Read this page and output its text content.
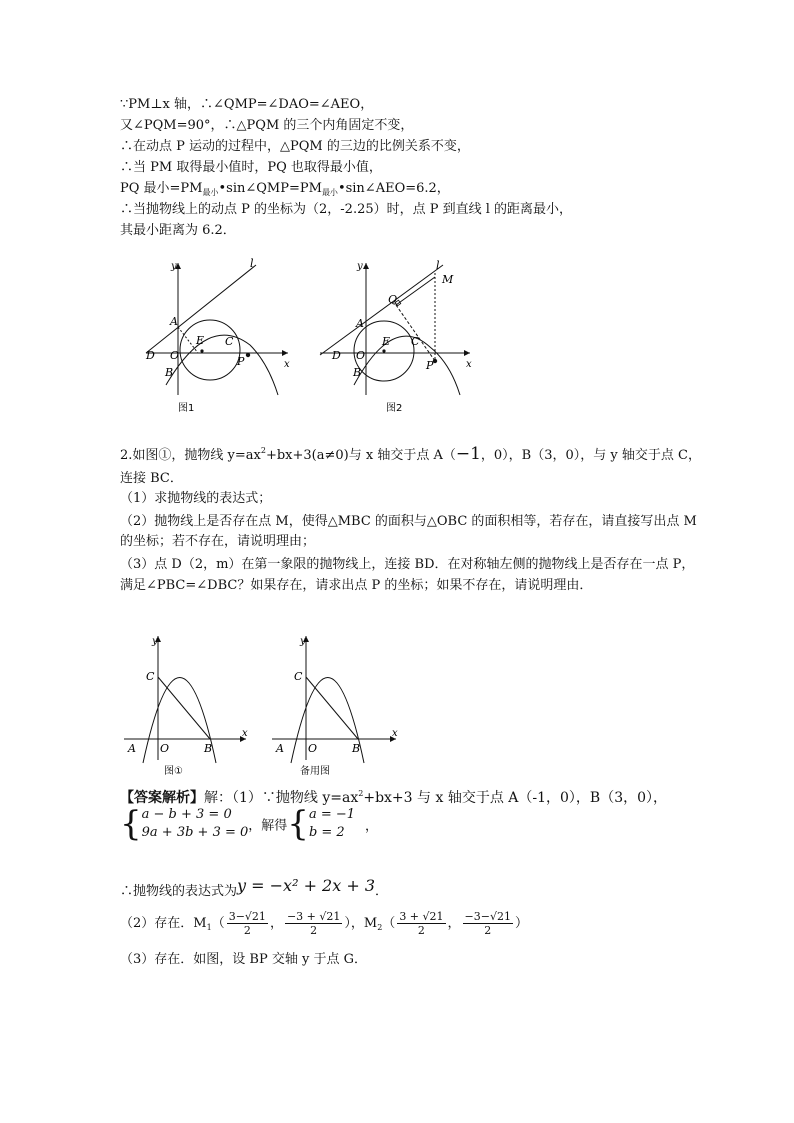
∵PM⊥x 轴，∴∠QMP=∠DAO=∠AEO，
又∠PQM=90°，∴△PQM 的三个内角固定不变，
∴在动点 P 运动的过程中，△PQM 的三边的比例关系不变，
∴当 PM 取得最小值时，PQ 也取得最小值，
PQ 最小$=PM_{最小}•\sin\angle QMP=PM_{最小}•\sin\angle AEO=6.2$，
∴当抛物线上的动点 P 的坐标为（2，-2.25）时，点 P 到直线 l 的距离最小，
其最小距离为 6.2．
y
x
l
A
D O
E C
B
P
图1
y
x
l
M
Q
A
D O
E C
B
P
图2
2.如图①，抛物线 $y=ax^2+bx+3(a\ne 0)$与 x 轴交于点 A（−1，0），B（3，0），与 y 轴交于点 C，
连接 BC．
（1）求抛物线的表达式；
（2）抛物线上是否存在点 M，使得△MBC 的面积与△OBC 的面积相等，若存在，请直接写出点 M
的坐标；若不存在，请说明理由；
（3）点 D（2，m）在第一象限的抛物线上，连接 BD．在对称轴左侧的抛物线上是否存在一点 P，
满足∠PBC=∠DBC？如果存在，请求出点 P 的坐标；如果不存在，请说明理由．
y
x
C
A O	B
图①
y
x
C
A O	B
备用图
【答案解析】解：（1）∵抛物线 $y=ax^2+bx+3$ 与 x 轴交于点 A（-1，0），B（3，0），
{ a − b + 3 = 0
9a + 3b + 3 = 0 ，解得{ a = −1
b = 2	，
∴抛物线的表达式为y = −x² + 2x + 3．
（2）存在．$M_1( \frac{3-√21}{2}$ ， $\frac{-3 + √21}{2}$ ），$M_2( \frac{3 + √21}{2}$ ， $\frac{-3-√21}{2}$ ）
（3）存在．如图，设 BP 交轴 y 于点 G．
